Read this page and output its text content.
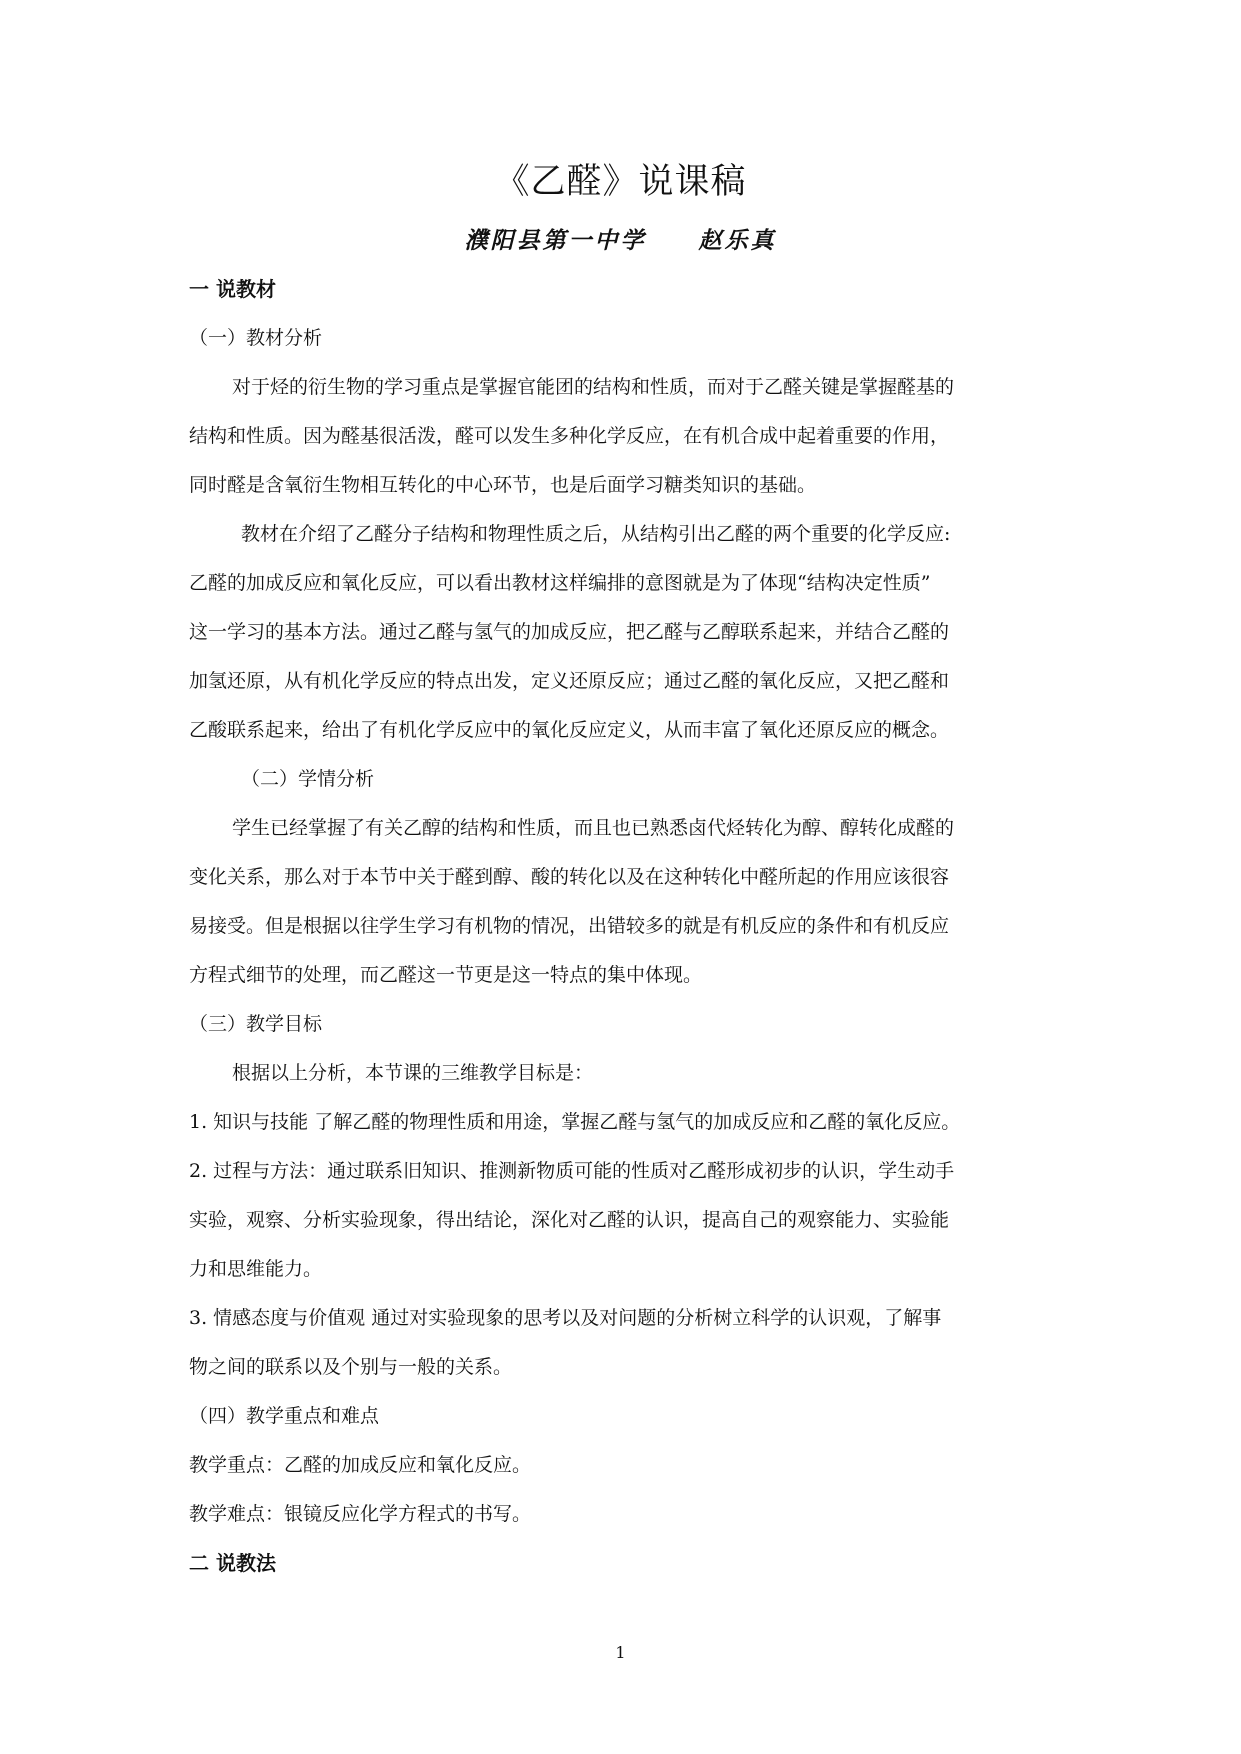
《乙醛》说课稿
濮阳县第一中学 赵乐真
一 说教材
（一）教材分析
对于烃的衍生物的学习重点是掌握官能团的结构和性质，而对于乙醛关键是掌握醛基的
结构和性质。因为醛基很活泼，醛可以发生多种化学反应，在有机合成中起着重要的作用，
同时醛是含氧衍生物相互转化的中心环节，也是后面学习糖类知识的基础。
教材在介绍了乙醛分子结构和物理性质之后，从结构引出乙醛的两个重要的化学反应:
乙醛的加成反应和氧化反应，可以看出教材这样编排的意图就是为了体现“结构决定性质”
这一学习的基本方法。通过乙醛与氢气的加成反应，把乙醛与乙醇联系起来，并结合乙醛的
加氢还原，从有机化学反应的特点出发，定义还原反应；通过乙醛的氧化反应，又把乙醛和
乙酸联系起来，给出了有机化学反应中的氧化反应定义，从而丰富了氧化还原反应的概念。
（二）学情分析
学生已经掌握了有关乙醇的结构和性质，而且也已熟悉卤代烃转化为醇、醇转化成醛的
变化关系，那么对于本节中关于醛到醇、酸的转化以及在这种转化中醛所起的作用应该很容
易接受。但是根据以往学生学习有机物的情况，出错较多的就是有机反应的条件和有机反应
方程式细节的处理，而乙醛这一节更是这一特点的集中体现。
（三）教学目标
根据以上分析，本节课的三维教学目标是：
1. 知识与技能 了解乙醛的物理性质和用途，掌握乙醛与氢气的加成反应和乙醛的氧化反应。
2. 过程与方法：通过联系旧知识、推测新物质可能的性质对乙醛形成初步的认识，学生动手
实验，观察、分析实验现象，得出结论，深化对乙醛的认识，提高自己的观察能力、实验能
力和思维能力。
3. 情感态度与价值观 通过对实验现象的思考以及对问题的分析树立科学的认识观，了解事
物之间的联系以及个别与一般的关系。
（四）教学重点和难点
教学重点：乙醛的加成反应和氧化反应。
教学难点：银镜反应化学方程式的书写。
二 说教法
1
